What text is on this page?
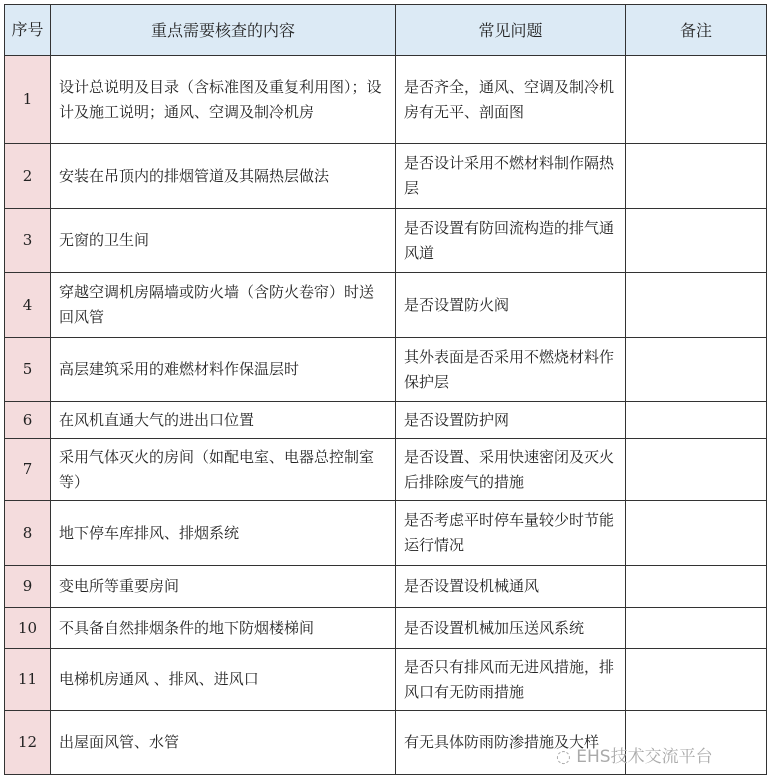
序号	重点需要核查的内容	常见问题	备注
1	设计总说明及目录（含标准图及重复利用图）；设计及施工说明；通风、空调及制冷机房	是否齐全，通风、空调及制冷机房有无平、剖面图	
2	安装在吊顶内的排烟管道及其隔热层做法	是否设计采用不燃材料制作隔热层	
3	无窗的卫生间	是否设置有防回流构造的排气通风道	
4	穿越空调机房隔墙或防火墙（含防火卷帘）时送回风管	是否设置防火阀	
5	高层建筑采用的难燃材料作保温层时	其外表面是否采用不燃烧材料作保护层	
6	在风机直通大气的进出口位置	是否设置防护网	
7	采用气体灭火的房间（如配电室、电器总控制室等）	是否设置、采用快速密闭及灭火后排除废气的措施	
8	地下停车库排风、排烟系统	是否考虑平时停车量较少时节能运行情况	
9	变电所等重要房间	是否设置设机械通风	
10	不具备自然排烟条件的地下防烟楼梯间	是否设置机械加压送风系统	
11	电梯机房通风 、排风、进风口	是否只有排风而无进风措施，排风口有无防雨措施	
12	出屋面风管、水管	有无具体防雨防渗措施及大样	
◌ EHS技术交流平台
